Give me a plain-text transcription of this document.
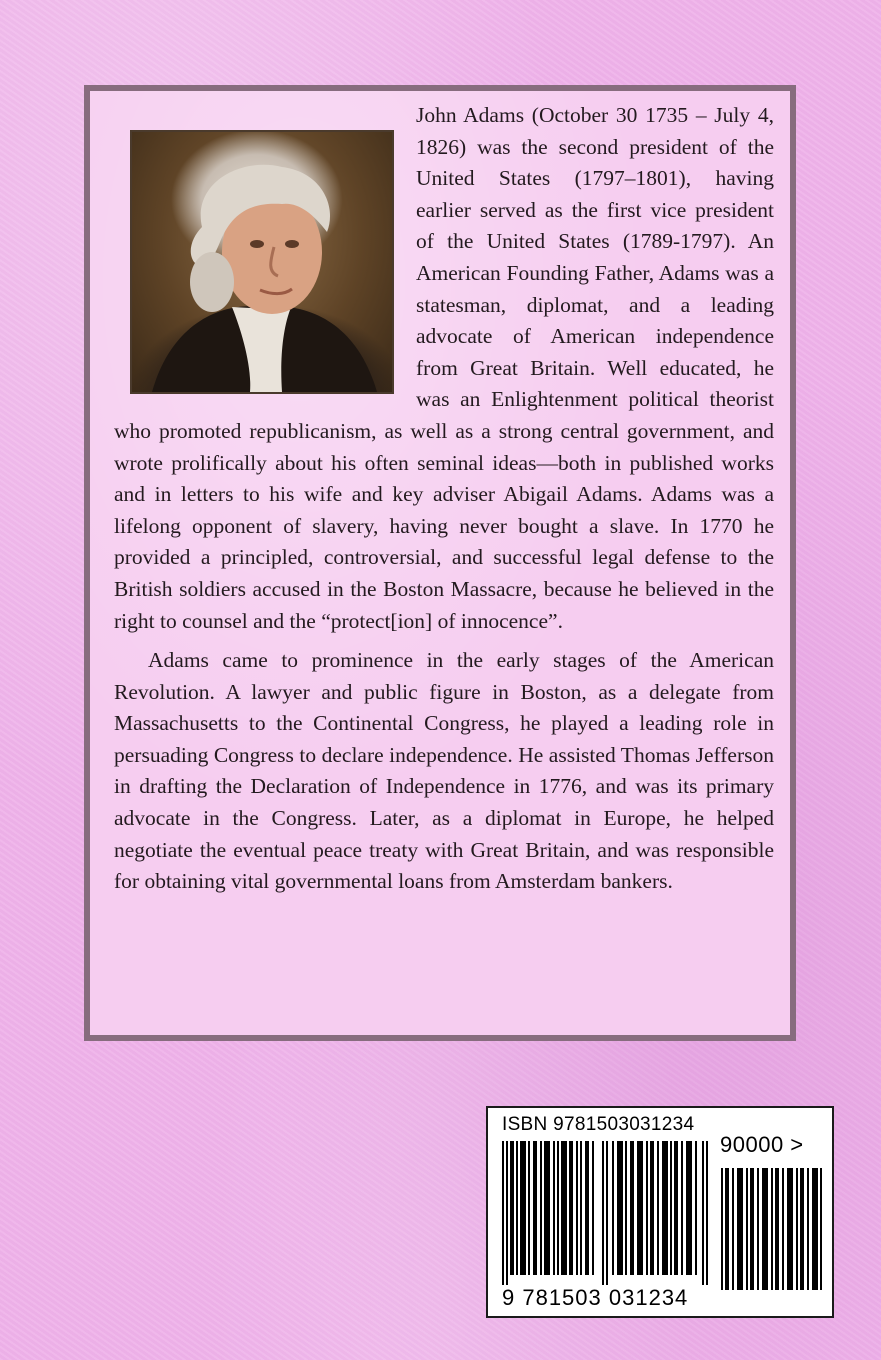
John Adams (October 30 1735 – July 4, 1826) was the second president of the United States (1797–1801), having earlier served as the first vice president of the United States (1789-1797). An American Founding Father, Adams was a statesman, diplomat, and a leading advocate of American independence from Great Britain. Well educated, he was an Enlightenment political theorist who promoted republicanism, as well as a strong central government, and wrote prolifically about his often seminal ideas—both in published works and in letters to his wife and key adviser Abigail Adams. Adams was a lifelong opponent of slavery, having never bought a slave. In 1770 he provided a principled, controversial, and successful legal defense to the British soldiers accused in the Boston Massacre, because he believed in the right to counsel and the “protect[ion] of innocence”.

Adams came to prominence in the early stages of the American Revolution. A lawyer and public figure in Boston, as a delegate from Massachusetts to the Continental Congress, he played a leading role in persuading Congress to declare independence. He assisted Thomas Jefferson in drafting the Declaration of Independence in 1776, and was its primary advocate in the Congress. Later, as a diplomat in Europe, he helped negotiate the eventual peace treaty with Great Britain, and was responsible for obtaining vital governmental loans from Amsterdam bankers.

ISBN 9781503031234
9 781503 031234
90000 >
